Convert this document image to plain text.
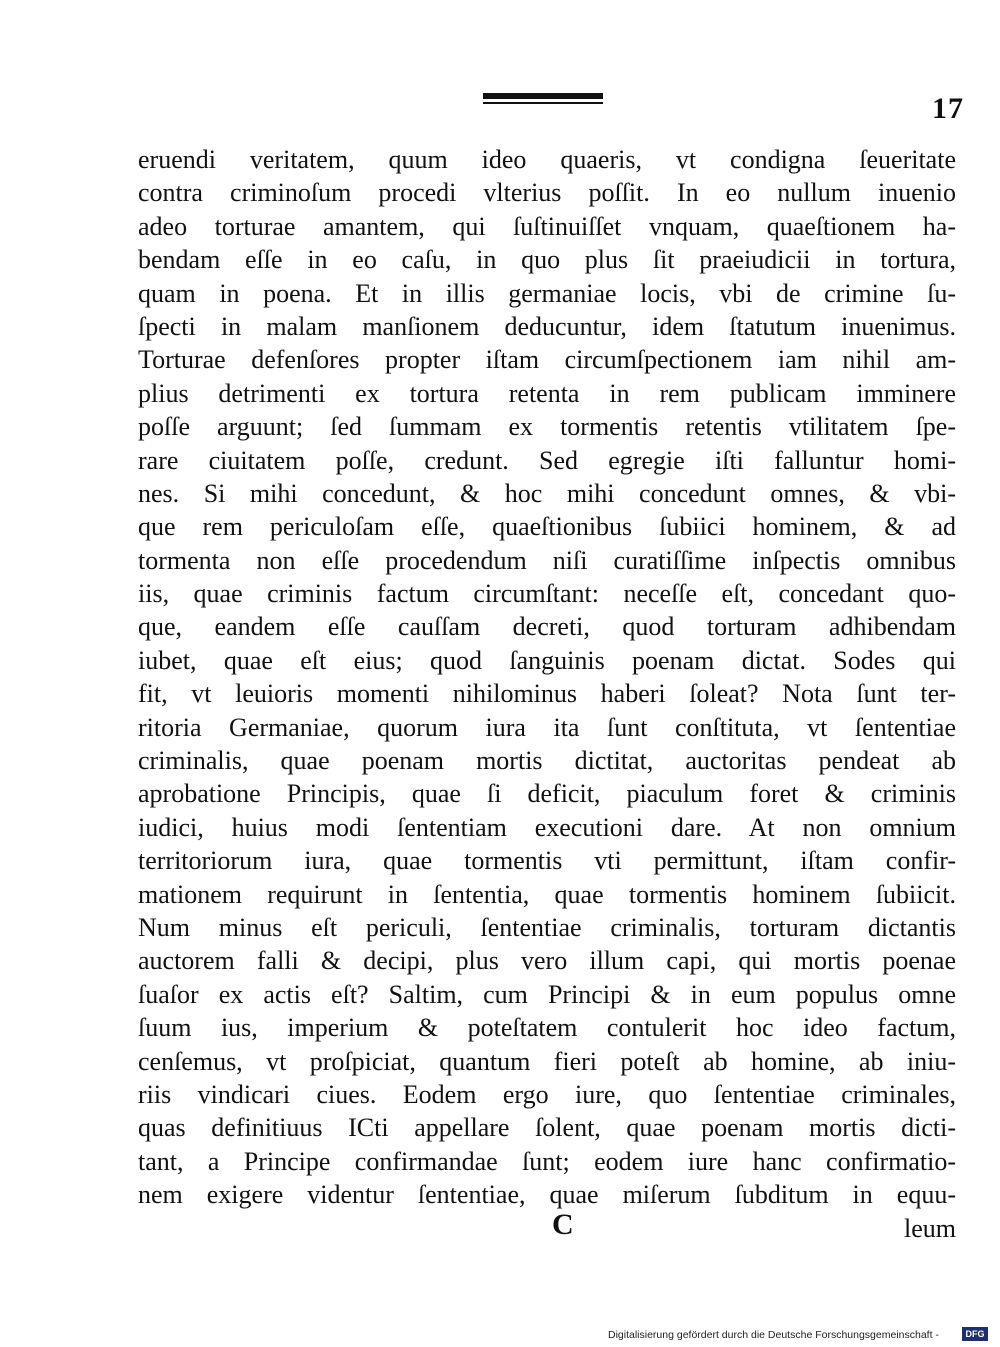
17
eruendi veritatem, quum ideo quaeris, vt condigna ſeueritate
contra criminoſum procedi vlterius poſſit. In eo nullum inuenio
adeo torturae amantem, qui ſuſtinuiſſet vnquam, quaeſtionem ha-
bendam eſſe in eo caſu, in quo plus ſit praeiudicii in tortura,
quam in poena. Et in illis germaniae locis, vbi de crimine ſu-
ſpecti in malam manſionem deducuntur, idem ſtatutum inuenimus.
Torturae defenſores propter iſtam circumſpectionem iam nihil am-
plius detrimenti ex tortura retenta in rem publicam imminere
poſſe arguunt; ſed ſummam ex tormentis retentis vtilitatem ſpe-
rare ciuitatem poſſe, credunt. Sed egregie iſti falluntur homi-
nes. Si mihi concedunt, & hoc mihi concedunt omnes, & vbi-
que rem periculoſam eſſe, quaeſtionibus ſubiici hominem, & ad
tormenta non eſſe procedendum niſi curatiſſime inſpectis omnibus
iis, quae criminis factum circumſtant: neceſſe eſt, concedant quo-
que, eandem eſſe cauſſam decreti, quod torturam adhibendam
iubet, quae eſt eius; quod ſanguinis poenam dictat. Sodes qui
fit, vt leuioris momenti nihilominus haberi ſoleat? Nota ſunt ter-
ritoria Germaniae, quorum iura ita ſunt conſtituta, vt ſententiae
criminalis, quae poenam mortis dictitat, auctoritas pendeat ab
aprobatione Principis, quae ſi deficit, piaculum foret & criminis
iudici, huius modi ſententiam executioni dare. At non omnium
territoriorum iura, quae tormentis vti permittunt, iſtam confir-
mationem requirunt in ſententia, quae tormentis hominem ſubiicit.
Num minus eſt periculi, ſententiae criminalis, torturam dictantis
auctorem falli & decipi, plus vero illum capi, qui mortis poenae
ſuaſor ex actis eſt? Saltim, cum Principi & in eum populus omne
ſuum ius, imperium & poteſtatem contulerit hoc ideo factum,
cenſemus, vt proſpiciat, quantum fieri poteſt ab homine, ab iniu-
riis vindicari ciues. Eodem ergo iure, quo ſententiae criminales,
quas definitiuus ICti appellare ſolent, quae poenam mortis dicti-
tant, a Principe confirmandae ſunt; eodem iure hanc confirmatio-
nem exigere videntur ſententiae, quae miſerum ſubditum in equu-
C	leum
Digitalisierung gefördert durch die Deutsche Forschungsgemeinschaft -	DFG
